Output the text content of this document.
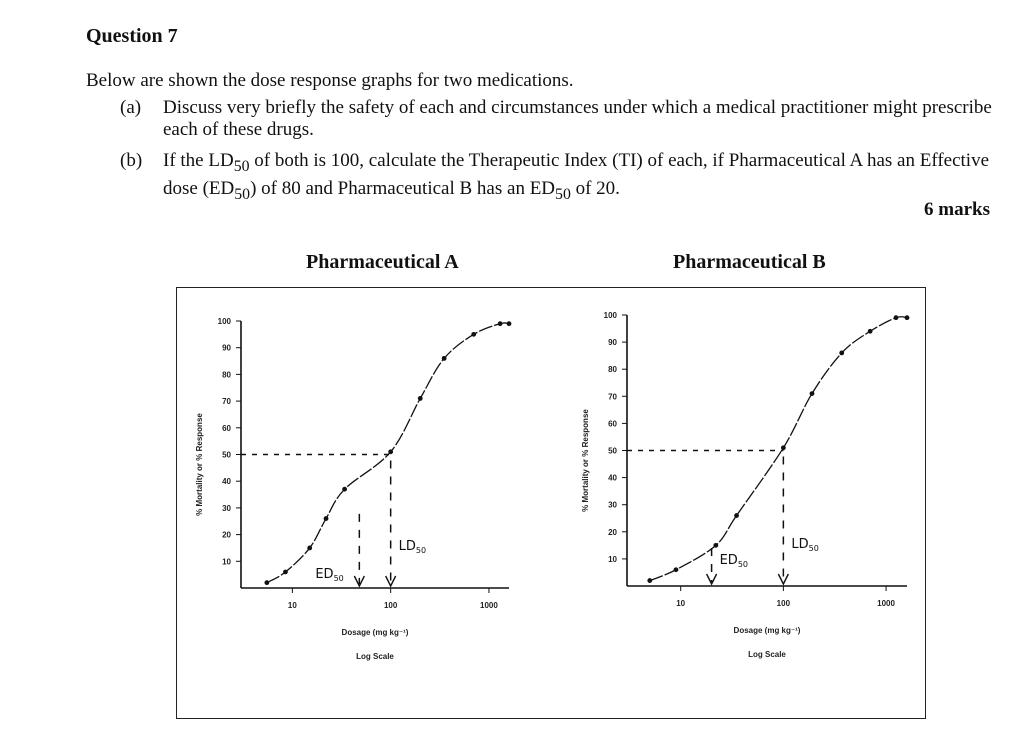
Question 7
Below are shown the dose response graphs for two medications.
(a) Discuss very briefly the safety of each and circumstances under which a medical practitioner might prescribe each of these drugs.
(b) If the $LD_{50}$ of both is 100, calculate the Therapeutic Index (TI) of each, if Pharmaceutical A has an Effective dose $(ED_{50})$ of 80 and Pharmaceutical B has an $ED_{50}$ of 20.
6 marks
Pharmaceutical A	Pharmaceutical B
10
20
30
40
50
60
70
80
90
100
10	100	1000
Dosage (mg kg⁻¹)
Log Scale
% Mortality or % Response
$LD_{50}$
$ED_{50}$
10
20
30
40
50
60
70
80
90
100
10	100	1000
Dosage (mg kg⁻¹)
Log Scale
% Mortality or % Response
$LD_{50}$
$ED_{50}$
